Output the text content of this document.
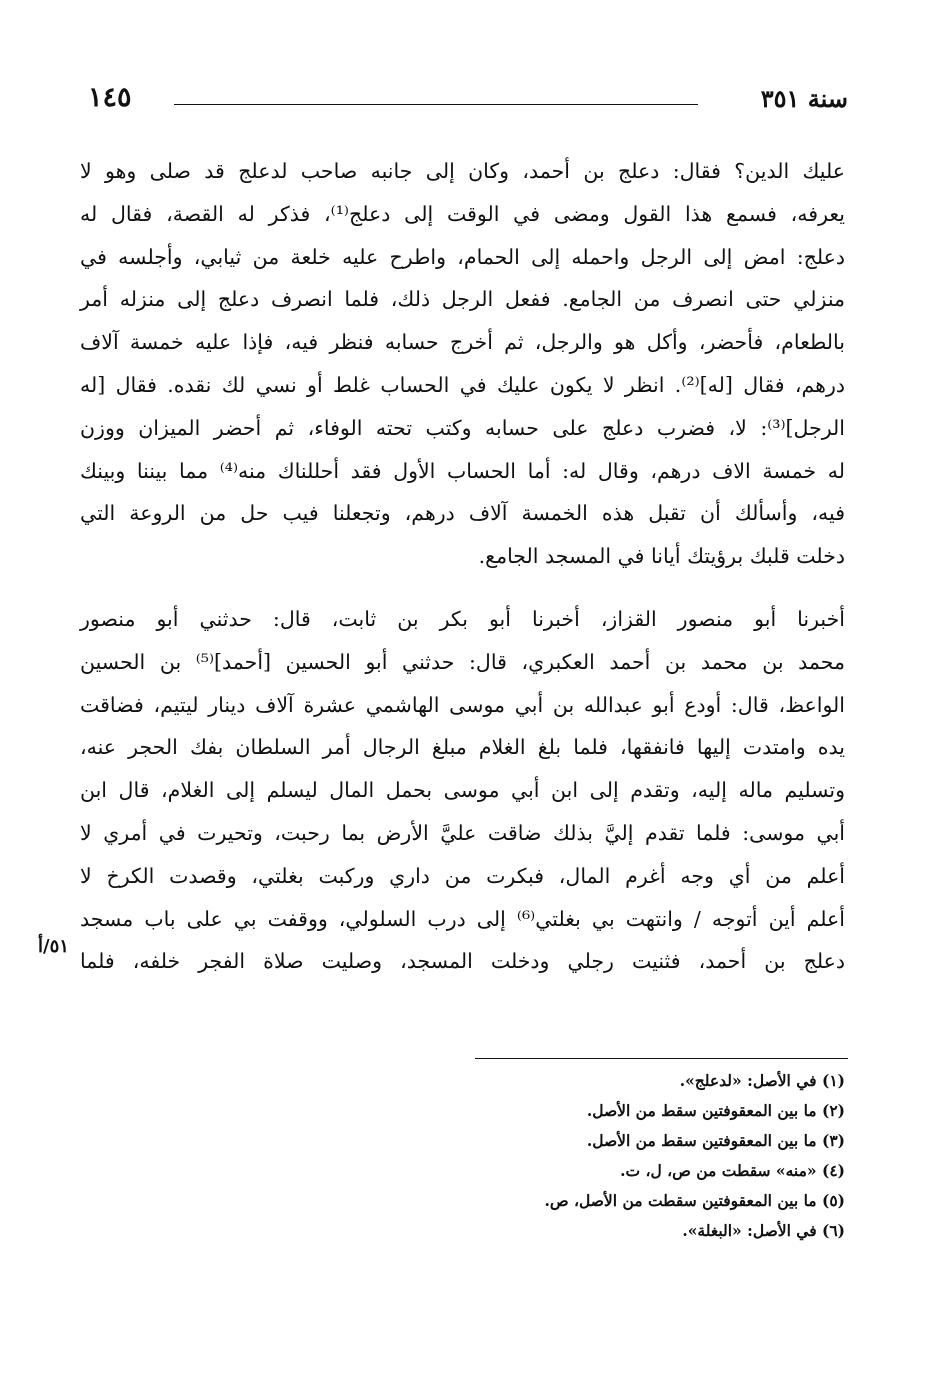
١٤٥	سنة ٣٥١
عليك الدين؟ فقال: دعلج بن أحمد، وكان إلى جانبه صاحب لدعلج قد صلى وهو لا
يعرفه، فسمع هذا القول ومضى في الوقت إلى دعلج⁽¹⁾، فذكر له القصة، فقال له
دعلج: امض إلى الرجل واحمله إلى الحمام، واطرح عليه خلعة من ثيابي، وأجلسه في
منزلي حتى انصرف من الجامع. ففعل الرجل ذلك، فلما انصرف دعلج إلى منزله أمر
بالطعام، فأحضر، وأكل هو والرجل، ثم أخرج حسابه فنظر فيه، فإذا عليه خمسة آلاف
درهم، فقال [له]⁽²⁾. انظر لا يكون عليك في الحساب غلط أو نسي لك نقده. فقال [له
الرجل]⁽³⁾: لا، فضرب دعلج على حسابه وكتب تحته الوفاء، ثم أحضر الميزان ووزن
له خمسة الاف درهم، وقال له: أما الحساب الأول فقد أحللناك منه⁽⁴⁾ مما بيننا وبينك
فيه، وأسألك أن تقبل هذه الخمسة آلاف درهم، وتجعلنا فيب حل من الروعة التي
دخلت قلبك برؤيتك أيانا في المسجد الجامع.
أخبرنا أبو منصور القزاز، أخبرنا أبو بكر بن ثابت، قال: حدثني أبو منصور
محمد بن محمد بن أحمد العكبري، قال: حدثني أبو الحسين [أحمد]⁽⁵⁾ بن الحسين
الواعظ، قال: أودع أبو عبدالله بن أبي موسى الهاشمي عشرة آلاف دينار ليتيم، فضاقت
يده وامتدت إليها فانفقها، فلما بلغ الغلام مبلغ الرجال أمر السلطان بفك الحجر عنه،
وتسليم ماله إليه، وتقدم إلى ابن أبي موسى بحمل المال ليسلم إلى الغلام، قال ابن
أبي موسى: فلما تقدم إليَّ بذلك ضاقت عليَّ الأرض بما رحبت، وتحيرت في أمري لا
أعلم من أي وجه أغرم المال، فبكرت من داري وركبت بغلتي، وقصدت الكرخ لا
أعلم أين أتوجه / وانتهت بي بغلتي⁽⁶⁾ إلى درب السلولي، ووقفت بي على باب مسجد
دعلج بن أحمد، فثنيت رجلي ودخلت المسجد، وصليت صلاة الفجر خلفه، فلما
٥١/أ
(١) في الأصل: «لدعلج».
(٢) ما بين المعقوفتين سقط من الأصل.
(٣) ما بين المعقوفتين سقط من الأصل.
(٤) «منه» سقطت من ص، ل، ت.
(٥) ما بين المعقوفتين سقطت من الأصل، ص.
(٦) في الأصل: «البغلة».
